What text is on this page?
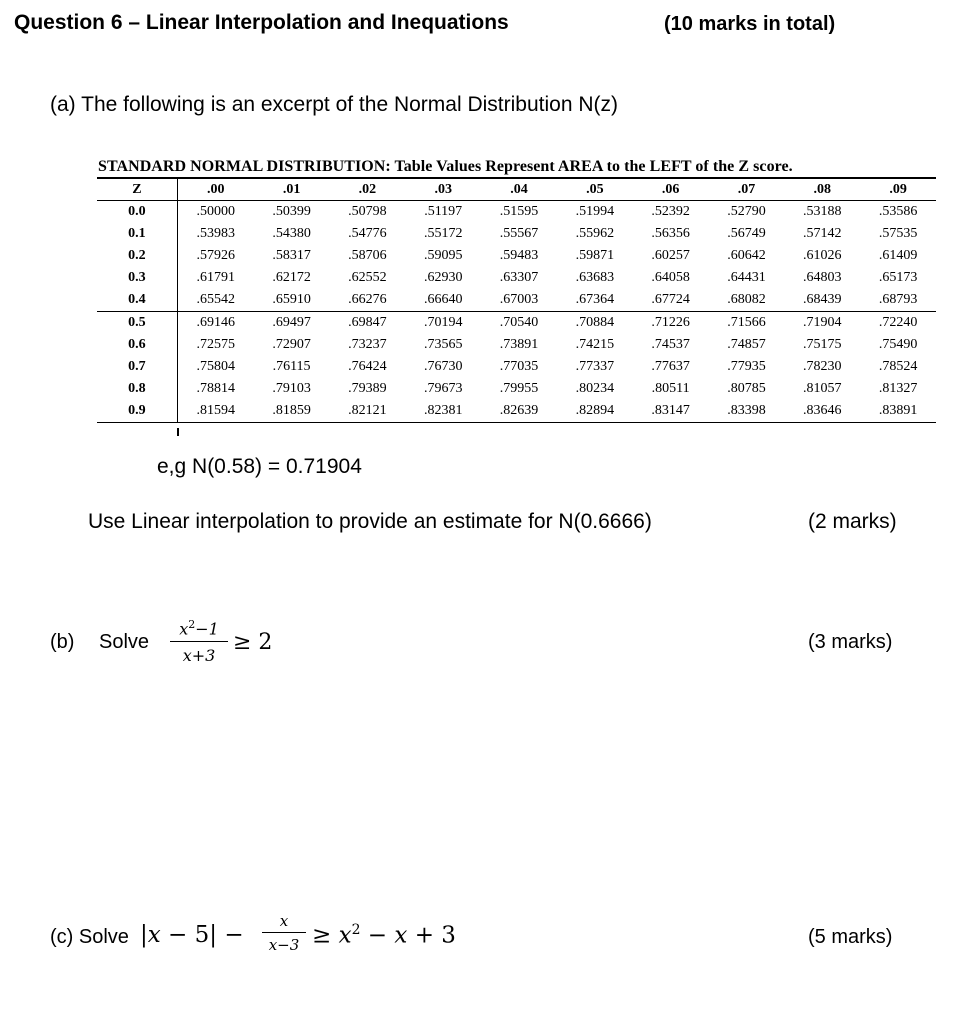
Question 6 – Linear Interpolation and Inequations	(10 marks in total)
(a) The following is an excerpt of the Normal Distribution N(z)
STANDARD NORMAL DISTRIBUTION: Table Values Represent AREA to the LEFT of the Z score.
Z	.00	.01	.02	.03	.04	.05	.06	.07	.08	.09
0.0	.50000	.50399	.50798	.51197	.51595	.51994	.52392	.52790	.53188	.53586
0.1	.53983	.54380	.54776	.55172	.55567	.55962	.56356	.56749	.57142	.57535
0.2	.57926	.58317	.58706	.59095	.59483	.59871	.60257	.60642	.61026	.61409
0.3	.61791	.62172	.62552	.62930	.63307	.63683	.64058	.64431	.64803	.65173
0.4	.65542	.65910	.66276	.66640	.67003	.67364	.67724	.68082	.68439	.68793
0.5	.69146	.69497	.69847	.70194	.70540	.70884	.71226	.71566	.71904	.72240
0.6	.72575	.72907	.73237	.73565	.73891	.74215	.74537	.74857	.75175	.75490
0.7	.75804	.76115	.76424	.76730	.77035	.77337	.77637	.77935	.78230	.78524
0.8	.78814	.79103	.79389	.79673	.79955	.80234	.80511	.80785	.81057	.81327
0.9	.81594	.81859	.82121	.82381	.82639	.82894	.83147	.83398	.83646	.83891
e,g N(0.58) = 0.71904
Use Linear interpolation to provide an estimate for N(0.6666)	(2 marks)
(b) Solve $\frac{x^2-1}{x+3} \ge 2$	(3 marks)
(c) Solve $|x - 5| - \frac{x}{x-3} \ge x^2 - x + 3$	(5 marks)
